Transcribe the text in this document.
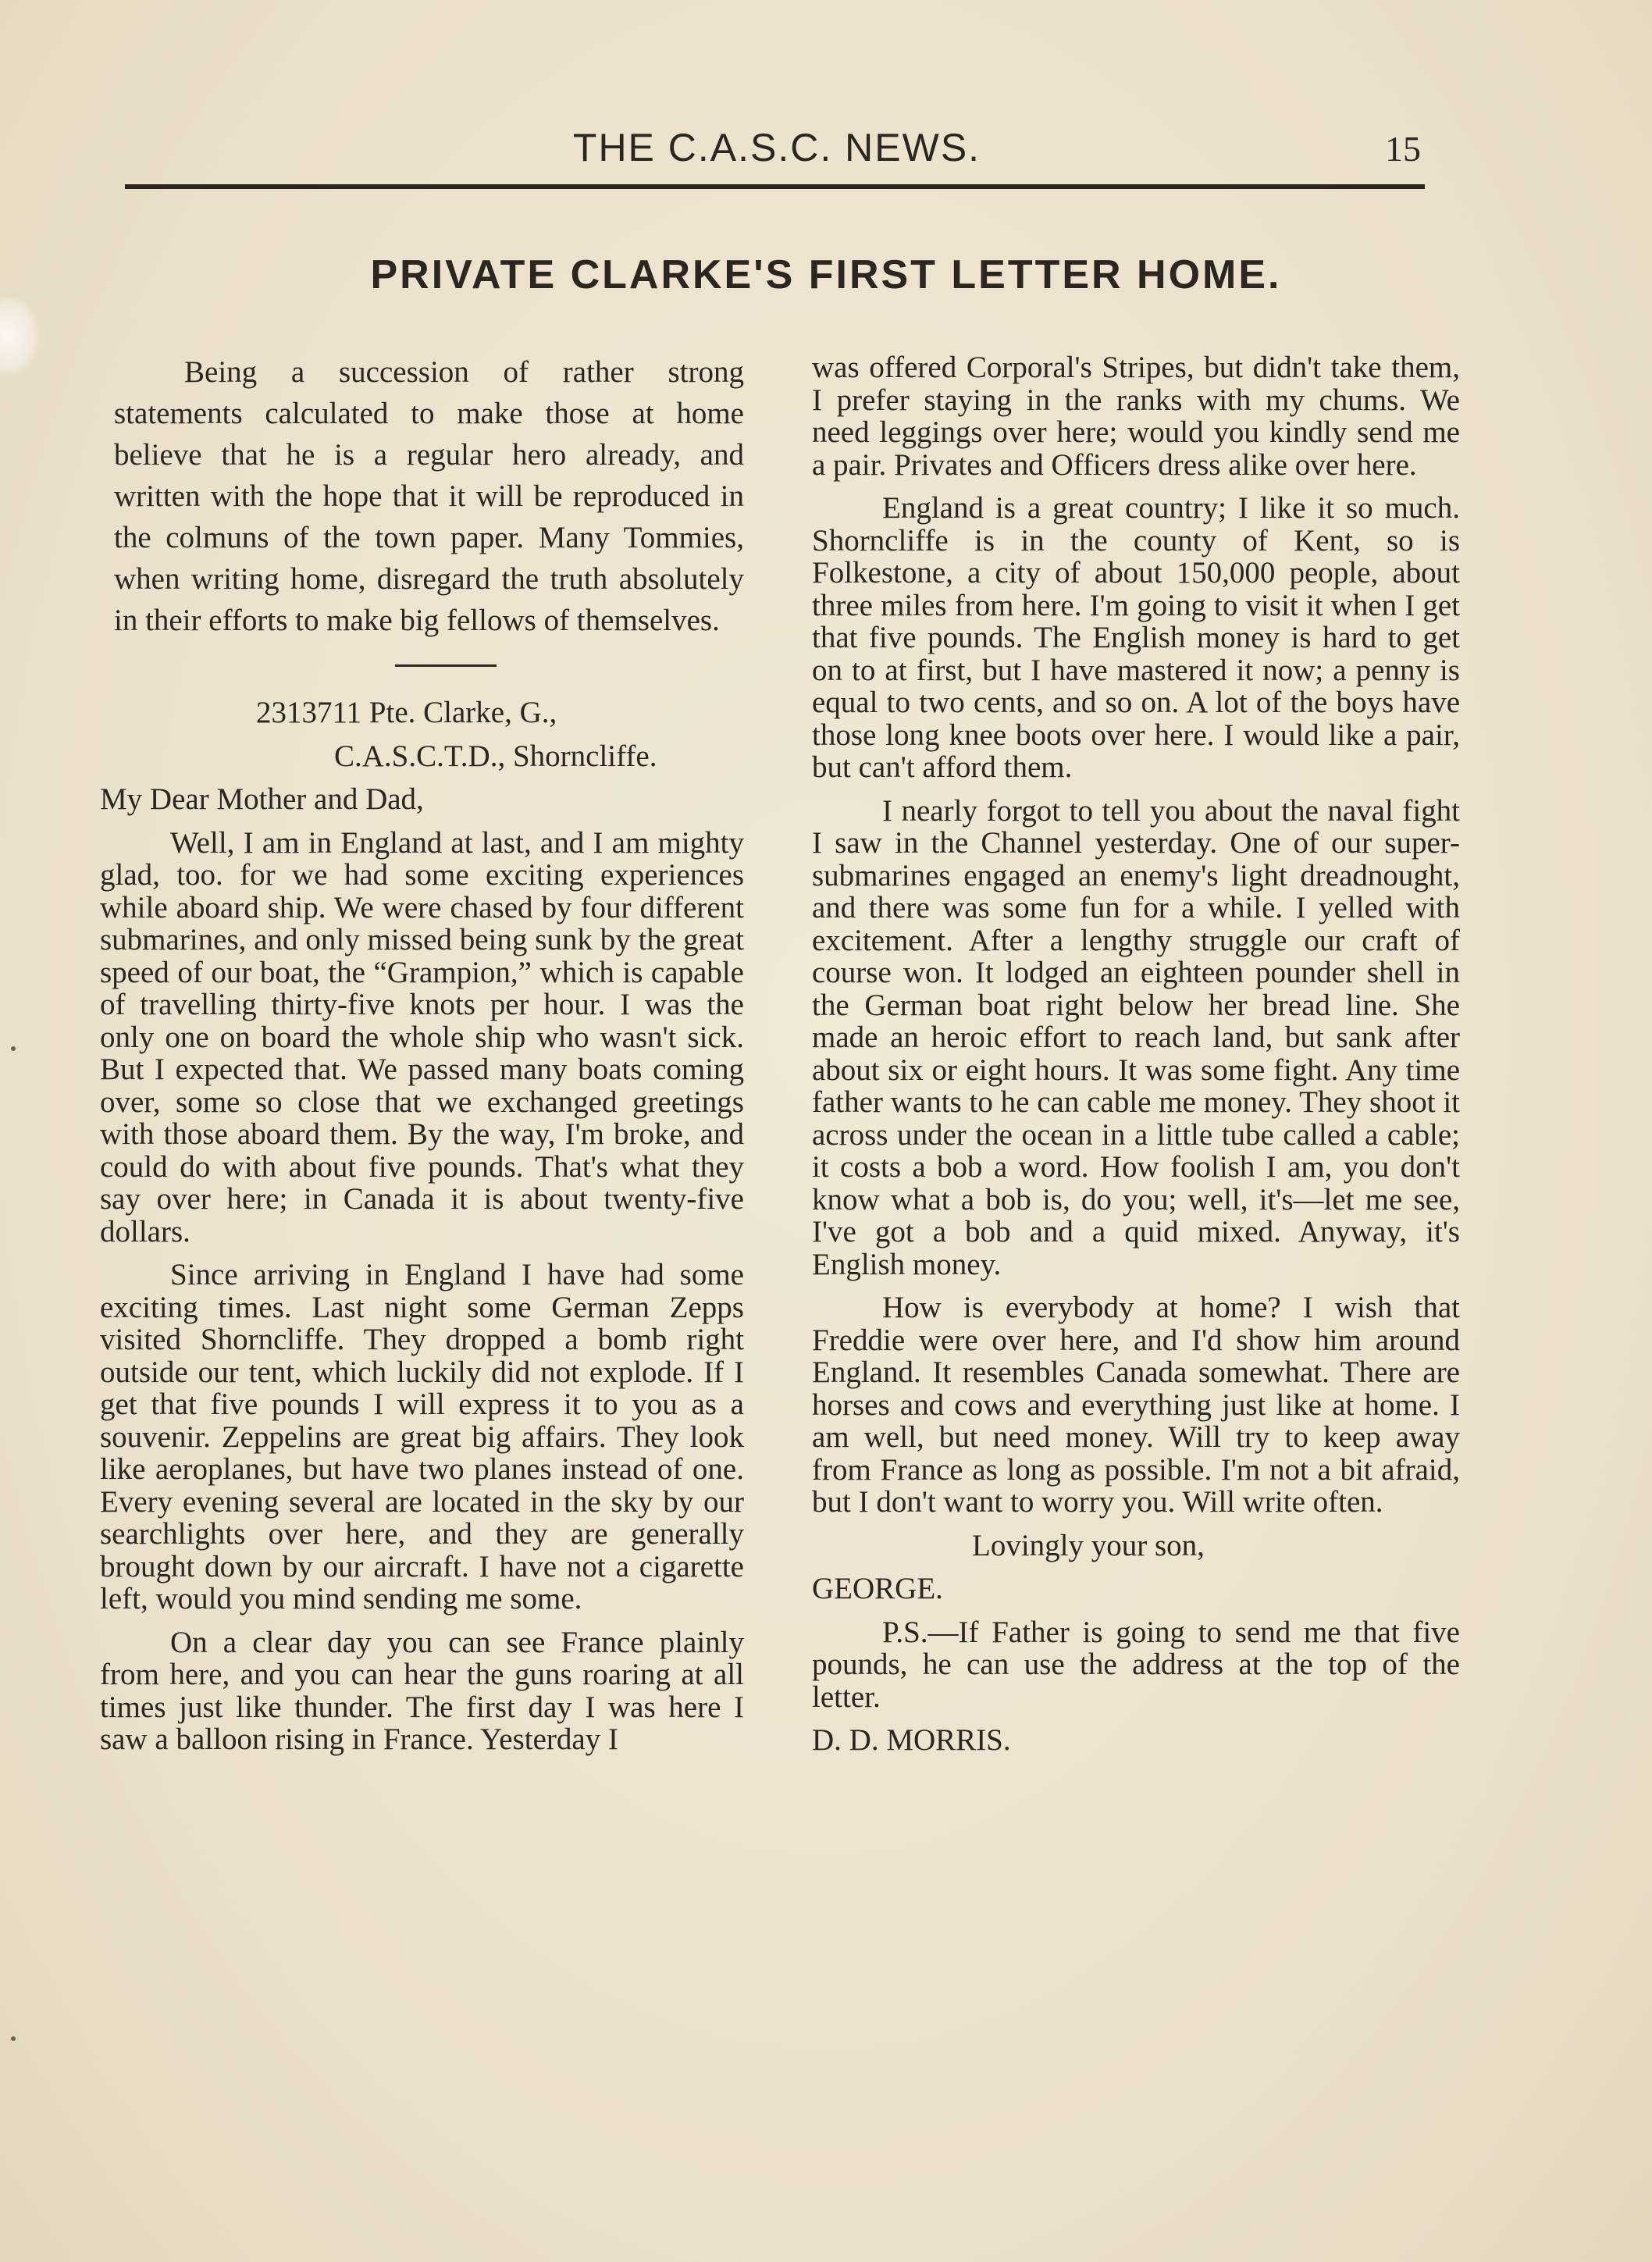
THE C.A.S.C. NEWS.	15
PRIVATE CLARKE'S FIRST LETTER HOME.

Being a succession of rather strong statements calculated to make those at home believe that he is a regular hero already, and written with the hope that it will be reproduced in the colmuns of the town paper. Many Tommies, when writing home, disregard the truth absolutely in their efforts to make big fellows of themselves.

2313711 Pte. Clarke, G.,

C.A.S.C.T.D., Shorncliffe.

My Dear Mother and Dad,

Well, I am in England at last, and I am mighty glad, too. for we had some exciting experiences while aboard ship. We were chased by four different submarines, and only missed being sunk by the great speed of our boat, the “Grampion,” which is capable of travelling thirty-five knots per hour. I was the only one on board the whole ship who wasn't sick. But I expected that. We passed many boats coming over, some so close that we exchanged greetings with those aboard them. By the way, I'm broke, and could do with about five pounds. That's what they say over here; in Canada it is about twenty-five dollars.

Since arriving in England I have had some exciting times. Last night some German Zepps visited Shorncliffe. They dropped a bomb right outside our tent, which luckily did not explode. If I get that five pounds I will express it to you as a souvenir. Zeppelins are great big affairs. They look like aeroplanes, but have two planes instead of one. Every evening several are located in the sky by our searchlights over here, and they are generally brought down by our aircraft. I have not a cigarette left, would you mind sending me some.

On a clear day you can see France plainly from here, and you can hear the guns roaring at all times just like thunder. The first day I was here I saw a balloon rising in France. Yesterday I

was offered Corporal's Stripes, but didn't take them, I prefer staying in the ranks with my chums. We need leggings over here; would you kindly send me a pair. Privates and Officers dress alike over here.

England is a great country; I like it so much. Shorncliffe is in the county of Kent, so is Folkestone, a city of about 150,000 people, about three miles from here. I'm going to visit it when I get that five pounds. The English money is hard to get on to at first, but I have mastered it now; a penny is equal to two cents, and so on. A lot of the boys have those long knee boots over here. I would like a pair, but can't afford them.

I nearly forgot to tell you about the naval fight I saw in the Channel yesterday. One of our super-submarines engaged an enemy's light dreadnought, and there was some fun for a while. I yelled with excitement. After a lengthy struggle our craft of course won. It lodged an eighteen pounder shell in the German boat right below her bread line. She made an heroic effort to reach land, but sank after about six or eight hours. It was some fight. Any time father wants to he can cable me money. They shoot it across under the ocean in a little tube called a cable; it costs a bob a word. How foolish I am, you don't know what a bob is, do you; well, it's—let me see, I've got a bob and a quid mixed. Anyway, it's English money.

How is everybody at home? I wish that Freddie were over here, and I'd show him around England. It resembles Canada somewhat. There are horses and cows and everything just like at home. I am well, but need money. Will try to keep away from France as long as possible. I'm not a bit afraid, but I don't want to worry you. Will write often.

Lovingly your son,

GEORGE.

P.S.—If Father is going to send me that five pounds, he can use the address at the top of the letter.

D. D. MORRIS.
